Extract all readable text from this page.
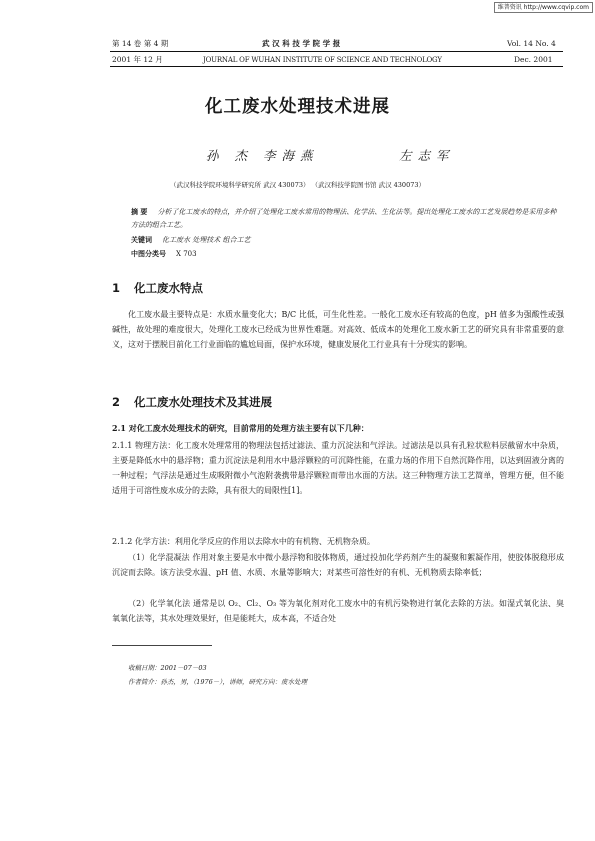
维普资讯 http://www.cqvip.com
第 14 卷 第 4 期	武 汉 科 技 学 院 学 报	Vol. 14 No. 4
2001 年 12 月	JOURNAL OF WUHAN INSTITUTE OF SCIENCE AND TECHNOLOGY	Dec. 2001
化工废水处理技术进展
孙 杰 李海燕	左志军
（武汉科技学院环境科学研究所 武汉 430073） （武汉科技学院图书馆 武汉 430073）
摘 要 分析了化工废水的特点，并介绍了处理化工废水常用的物理法、化学法、生化法等。提出处理化工废水的工艺发展趋势是采用多种方法的组合工艺。
关键词 化工废水 处理技术 组合工艺
中图分类号 X 703
1 化工废水特点
化工废水最主要特点是：水质水量变化大；B/C 比低，可生化性差。一般化工废水还有较高的色度，pH 值多为强酸性或强碱性，故处理的难度很大，处理化工废水已经成为世界性难题。对高效、低成本的处理化工废水新工艺的研究具有非常重要的意义，这对于摆脱目前化工行业面临的尴尬局面，保护水环境，健康发展化工行业具有十分现实的影响。
2 化工废水处理技术及其进展
2.1 对化工废水处理技术的研究，目前常用的处理方法主要有以下几种：
2.1.1 物理方法：化工废水处理常用的物理法包括过滤法、重力沉淀法和气浮法。过滤法是以具有孔粒状粒料层截留水中杂质，主要是降低水中的悬浮物；重力沉淀法是利用水中悬浮颗粒的可沉降性能，在重力场的作用下自然沉降作用，以达到固液分离的一种过程；气浮法是通过生成吸附微小气泡附袭携带悬浮颗粒而带出水面的方法。这三种物理方法工艺简单，管理方便，但不能适用于可溶性废水成分的去除，具有很大的局限性[1]。
2.1.2 化学方法：利用化学反应的作用以去除水中的有机物、无机物杂质。
（1）化学混凝法 作用对象主要是水中微小悬浮物和胶体物质，通过投加化学药剂产生的凝聚和絮凝作用，使胶体脱稳形成沉淀而去除。该方法受水温、pH 值、水质、水量等影响大；对某些可溶性好的有机、无机物质去除率低；
（2）化学氧化法 通常是以 O₂、Cl₂、O₃ 等为氧化剂对化工废水中的有机污染物进行氧化去除的方法。如湿式氧化法、臭氧氧化法等，其水处理效果好，但是能耗大，成本高，不适合处
收稿日期：2001－07－03
作者简介：孙杰，男，（1976－），讲师，研究方向：废水处理
